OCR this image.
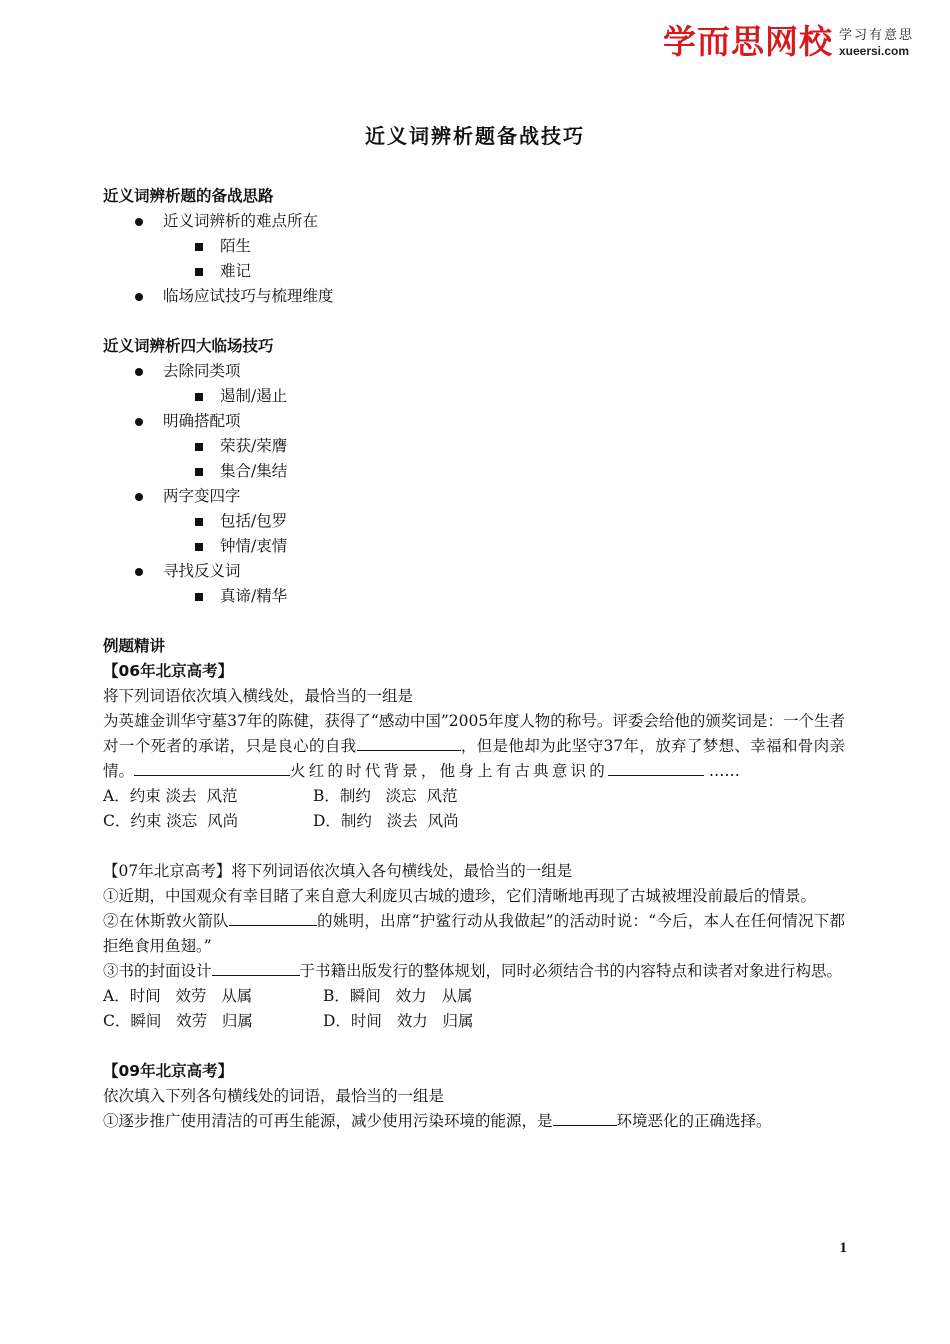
学而思网校 学习有意思
xueersi.com
近义词辨析题备战技巧
近义词辨析题的备战思路
近义词辨析的难点所在
陌生
难记
临场应试技巧与梳理维度
近义词辨析四大临场技巧
去除同类项
遏制/遏止
明确搭配项
荣获/荣膺
集合/集结
两字变四字
包括/包罗
钟情/衷情
寻找反义词
真谛/精华
例题精讲
【06年北京高考】
将下列词语依次填入横线处，最恰当的一组是
为英雄金训华守墓37年的陈健，获得了“感动中国”2005年度人物的称号。评委会给他的颁奖词是：一个生者对一个死者的承诺，只是良心的自我	，但是他却为此坚守37年，放弃了梦想、幸福和骨肉亲情。	火红的时代背景，他身上有古典意识的	……
A．约束 淡去  风范	B．制约   淡忘  风范
C．约束 淡忘  风尚	D．制约   淡去  风尚
【07年北京高考】将下列词语依次填入各句横线处，最恰当的一组是
①近期，中国观众有幸目睹了来自意大利庞贝古城的遗珍，它们清晰地再现了古城被埋没前最后的情景。
②在休斯敦火箭队	的姚明，出席“护鲨行动从我做起”的活动时说：“今后，本人在任何情况下都拒绝食用鱼翅。”
③书的封面设计	于书籍出版发行的整体规划，同时必须结合书的内容特点和读者对象进行构思。
A．时间   效劳   从属	B．瞬间   效力   从属
C．瞬间   效劳   归属	D．时间   效力   归属
【09年北京高考】
依次填入下列各句横线处的词语，最恰当的一组是
①逐步推广使用清洁的可再生能源，减少使用污染环境的能源，是	环境恶化的正确选择。
1
